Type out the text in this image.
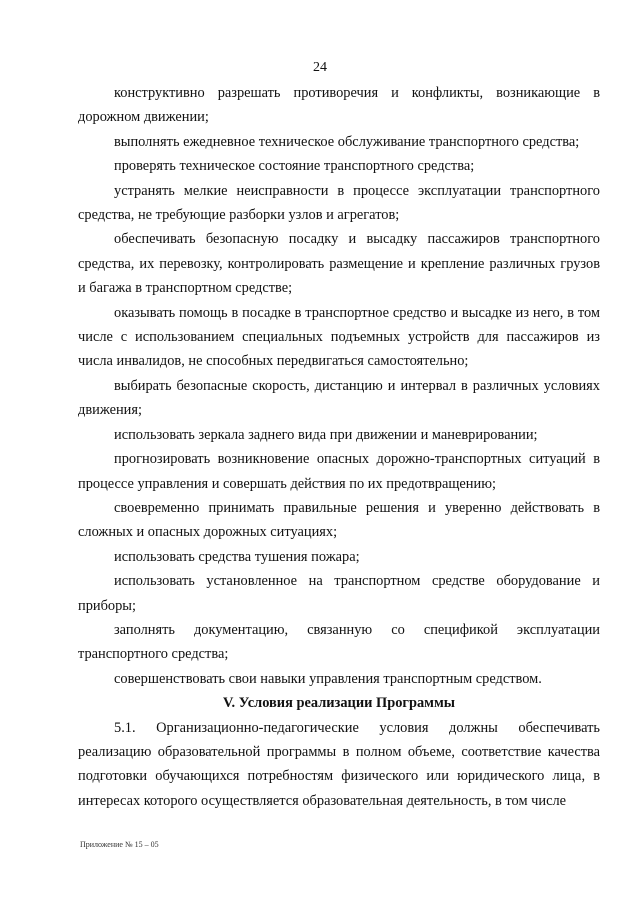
24

конструктивно разрешать противоречия и конфликты, возникающие в дорожном движении;

выполнять ежедневное техническое обслуживание транспортного средства;

проверять техническое состояние транспортного средства;

устранять мелкие неисправности в процессе эксплуатации транспортного средства, не требующие разборки узлов и агрегатов;

обеспечивать безопасную посадку и высадку пассажиров транспортного средства, их перевозку, контролировать размещение и крепление различных грузов и багажа в транспортном средстве;

оказывать помощь в посадке в транспортное средство и высадке из него, в том числе с использованием специальных подъемных устройств для пассажиров из числа инвалидов, не способных передвигаться самостоятельно;

выбирать безопасные скорость, дистанцию и интервал в различных условиях движения;

использовать зеркала заднего вида при движении и маневрировании;

прогнозировать возникновение опасных дорожно-транспортных ситуаций в процессе управления и совершать действия по их предотвращению;

своевременно принимать правильные решения и уверенно действовать в сложных и опасных дорожных ситуациях;

использовать средства тушения пожара;

использовать установленное на транспортном средстве оборудование и приборы;

заполнять документацию, связанную со спецификой эксплуатации транспортного средства;

совершенствовать свои навыки управления транспортным средством.

V. Условия реализации Программы

5.1. Организационно-педагогические условия должны обеспечивать реализацию образовательной программы в полном объеме, соответствие качества подготовки обучающихся потребностям физического или юридического лица, в интересах которого осуществляется образовательная деятельность, в том числе

Приложение № 15 – 05
